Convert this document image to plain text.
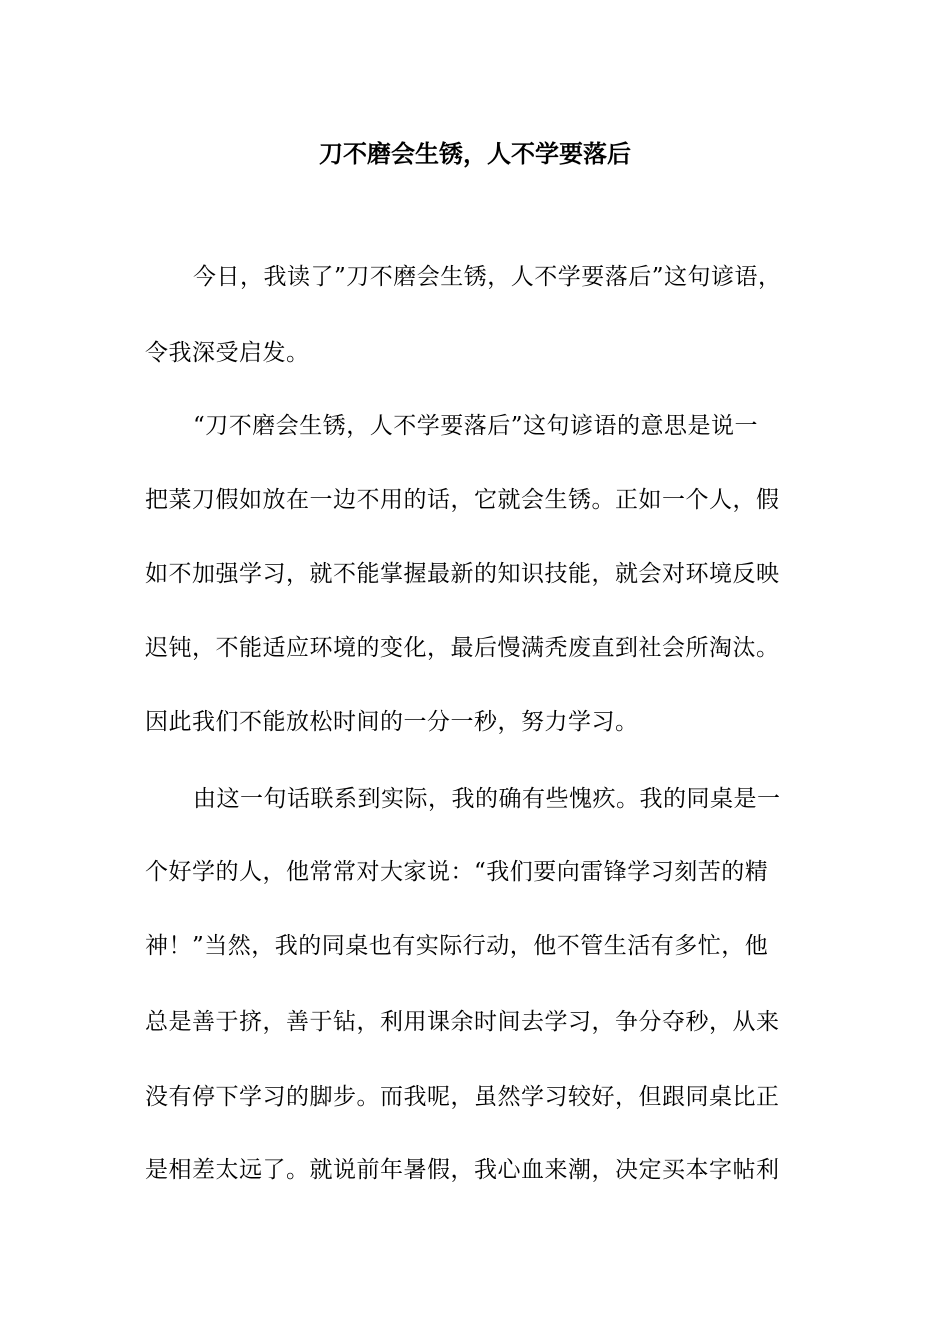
刀不磨会生锈，人不学要落后
今日，我读了”刀不磨会生锈，人不学要落后”这句谚语，
令我深受启发。
“刀不磨会生锈，人不学要落后”这句谚语的意思是说一
把菜刀假如放在一边不用的话，它就会生锈。正如一个人，假
如不加强学习，就不能掌握最新的知识技能，就会对环境反映
迟钝，不能适应环境的变化，最后慢满秃废直到社会所淘汰。
因此我们不能放松时间的一分一秒，努力学习。
由这一句话联系到实际，我的确有些愧疚。我的同桌是一
个好学的人，他常常对大家说：“我们要向雷锋学习刻苦的精
神！”当然，我的同桌也有实际行动，他不管生活有多忙，他
总是善于挤，善于钻，利用课余时间去学习，争分夺秒，从来
没有停下学习的脚步。而我呢，虽然学习较好，但跟同桌比正
是相差太远了。就说前年暑假，我心血来潮，决定买本字帖利
